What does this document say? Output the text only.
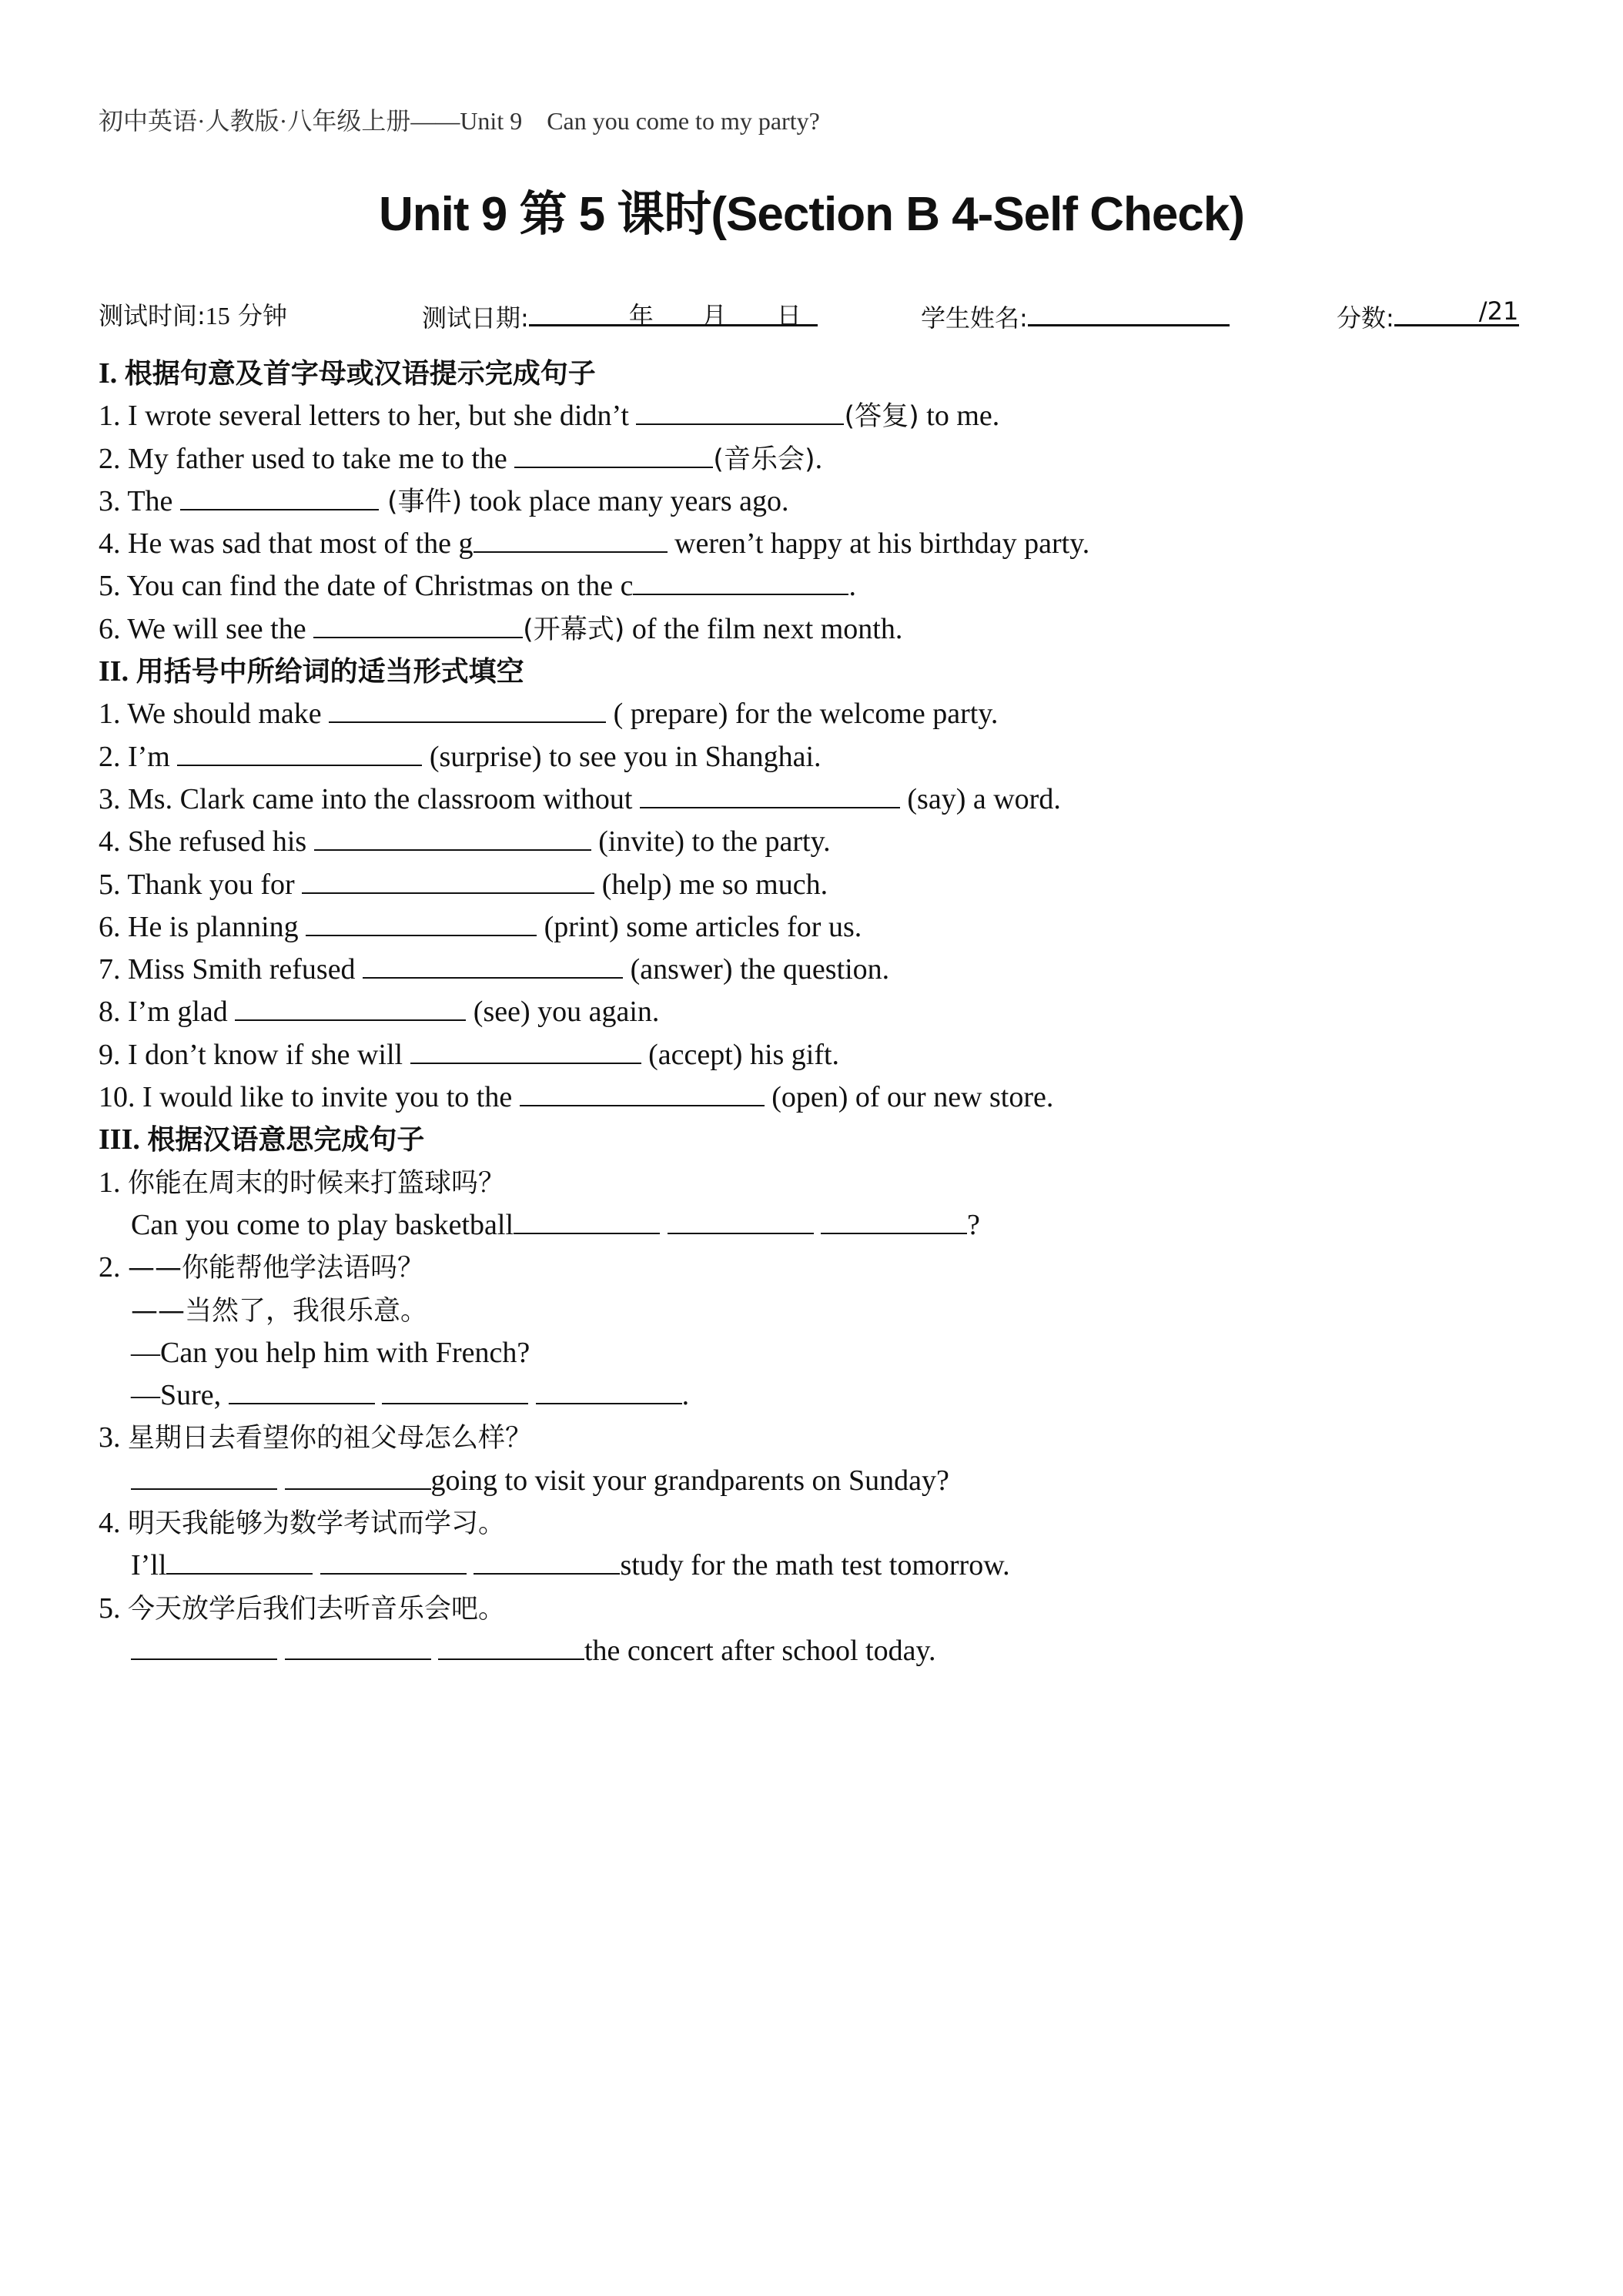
初中英语·人教版·八年级上册——Unit 9    Can you come to my party?
Unit 9 第 5 课时(Section B 4-Self Check)
测试时间:15 分钟	测试日期:	年 月 日	学生姓名:	分数:	/21
I. 根据句意及首字母或汉语提示完成句子
1. I wrote several letters to her, but she didn’t	(答复) to me.
2. My father used to take me to the	(音乐会).
3. The	(事件) took place many years ago.
4. He was sad that most of the g	weren’t happy at his birthday party.
5. You can find the date of Christmas on the c	.
6. We will see the	(开幕式) of the film next month.
II. 用括号中所给词的适当形式填空
1. We should make	( prepare) for the welcome party.
2. I’m	(surprise) to see you in Shanghai.
3. Ms. Clark came into the classroom without	(say) a word.
4. She refused his	(invite) to the party.
5. Thank you for	(help) me so much.
6. He is planning	(print) some articles for us.
7. Miss Smith refused	(answer) the question.
8. I’m glad	(see) you again.
9. I don’t know if she will	(accept) his gift.
10. I would like to invite you to the	(open) of our new store.
III. 根据汉语意思完成句子
1. 你能在周末的时候来打篮球吗？
Can you come to play basketball	?
2. ——你能帮他学法语吗？
——当然了，我很乐意。
—Can you help him with French?
—Sure,	.
3. 星期日去看望你的祖父母怎么样？
going to visit your grandparents on Sunday?
4. 明天我能够为数学考试而学习。
I’ll	study for the math test tomorrow.
5. 今天放学后我们去听音乐会吧。
the concert after school today.
